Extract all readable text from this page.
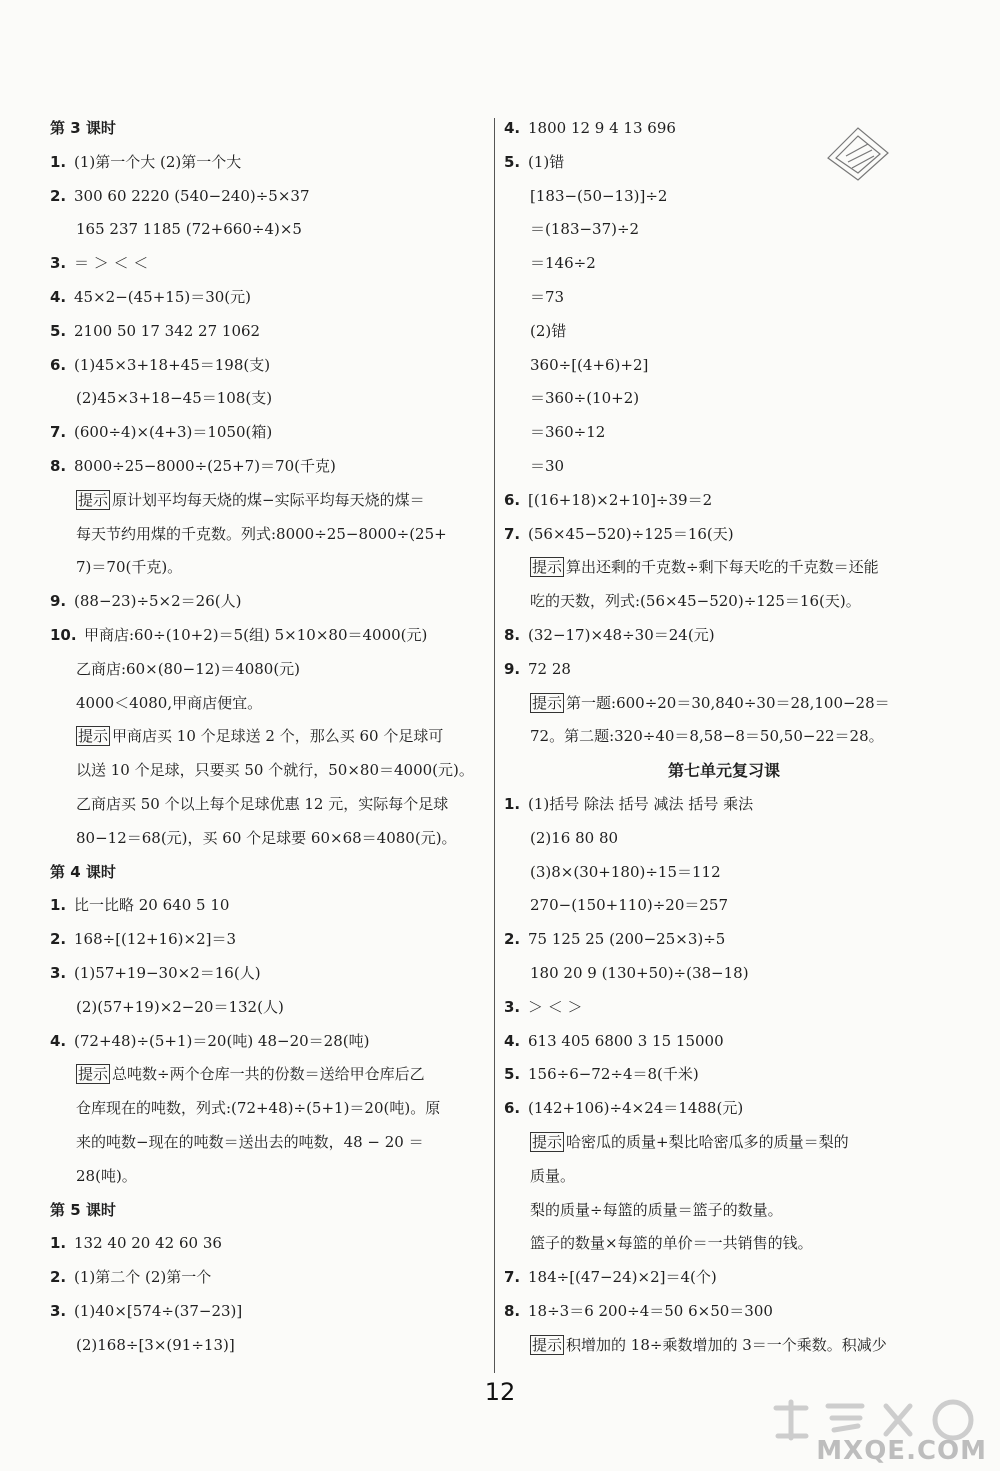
第 3 课时
1. (1)第一个大 (2)第一个大
2. 300 60 2220 (540−240)÷5×37
165 237 1185 (72+660÷4)×5
3. ＝ ＞ ＜ ＜
4. 45×2−(45+15)＝30(元)
5. 2100 50 17 342 27 1062
6. (1)45×3+18+45＝198(支)
(2)45×3+18−45＝108(支)
7. (600÷4)×(4+3)＝1050(箱)
8. 8000÷25−8000÷(25+7)＝70(千克)
提示 原计划平均每天烧的煤−实际平均每天烧的煤＝
每天节约用煤的千克数。列式:8000÷25−8000÷(25+
7)＝70(千克)。
9. (88−23)÷5×2＝26(人)
10. 甲商店:60÷(10+2)＝5(组) 5×10×80＝4000(元)
乙商店:60×(80−12)＝4080(元)
4000＜4080,甲商店便宜。
提示 甲商店买 10 个足球送 2 个，那么买 60 个足球可
以送 10 个足球，只要买 50 个就行，50×80＝4000(元)。
乙商店买 50 个以上每个足球优惠 12 元，实际每个足球
80−12＝68(元)，买 60 个足球要 60×68＝4080(元)。
第 4 课时
1. 比一比略 20 640 5 10
2. 168÷[(12+16)×2]＝3
3. (1)57+19−30×2＝16(人)
(2)(57+19)×2−20＝132(人)
4. (72+48)÷(5+1)＝20(吨) 48−20＝28(吨)
提示 总吨数÷两个仓库一共的份数＝送给甲仓库后乙
仓库现在的吨数，列式:(72+48)÷(5+1)＝20(吨)。原
来的吨数−现在的吨数＝送出去的吨数，48 − 20 ＝
28(吨)。
第 5 课时
1. 132 40 20 42 60 36
2. (1)第二个 (2)第一个
3. (1)40×[574÷(37−23)]
(2)168÷[3×(91÷13)]
4. 1800 12 9 4 13 696
5. (1)错
[183−(50−13)]÷2
＝(183−37)÷2
＝146÷2
＝73
(2)错
360÷[(4+6)+2]
＝360÷(10+2)
＝360÷12
＝30
6. [(16+18)×2+10]÷39＝2
7. (56×45−520)÷125＝16(天)
提示 算出还剩的千克数÷剩下每天吃的千克数＝还能
吃的天数，列式:(56×45−520)÷125＝16(天)。
8. (32−17)×48÷30＝24(元)
9. 72 28
提示 第一题:600÷20＝30,840÷30＝28,100−28＝
72。第二题:320÷40＝8,58−8＝50,50−22＝28。
第七单元复习课
1. (1)括号 除法 括号 减法 括号 乘法
(2)16 80 80
(3)8×(30+180)÷15＝112
270−(150+110)÷20＝257
2. 75 125 25 (200−25×3)÷5
180 20 9 (130+50)÷(38−18)
3. ＞ ＜ ＞
4. 613 405 6800 3 15 15000
5. 156÷6−72÷4＝8(千米)
6. (142+106)÷4×24＝1488(元)
提示 哈密瓜的质量+梨比哈密瓜多的质量＝梨的
质量。
梨的质量÷每篮的质量＝篮子的数量。
篮子的数量×每篮的单价＝一共销售的钱。
7. 184÷[(47−24)×2]＝4(个)
8. 18÷3＝6 200÷4＝50 6×50＝300
提示 积增加的 18÷乘数增加的 3＝一个乘数。积减少
12
MXQE.COM
